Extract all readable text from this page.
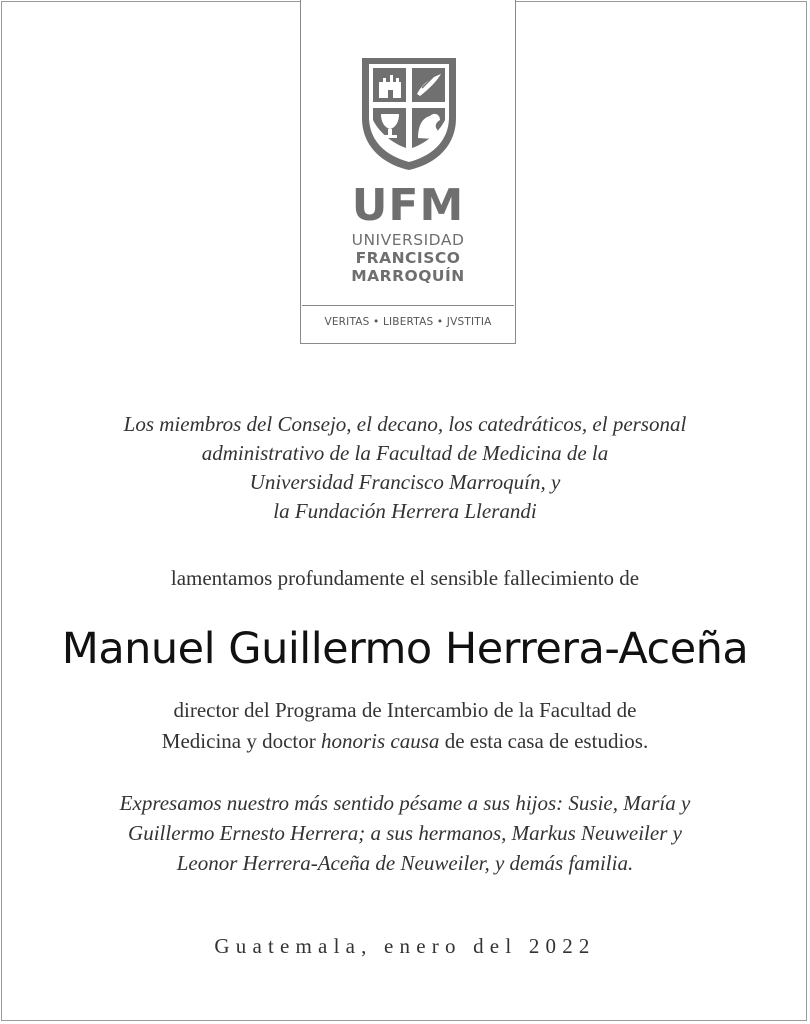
UFM
UNIVERSIDAD
FRANCISCO
MARROQUÍN
VERITAS • LIBERTAS • JVSTITIA
Los miembros del Consejo, el decano, los catedráticos, el personal
administrativo de la Facultad de Medicina de la
Universidad Francisco Marroquín, y
la Fundación Herrera Llerandi
lamentamos profundamente el sensible fallecimiento de
Manuel Guillermo Herrera-Aceña
director del Programa de Intercambio de la Facultad de
Medicina y doctor honoris causa de esta casa de estudios.
Expresamos nuestro más sentido pésame a sus hijos: Susie, María y
Guillermo Ernesto Herrera; a sus hermanos, Markus Neuweiler y
Leonor Herrera-Aceña de Neuweiler, y demás familia.
Guatemala, enero del 2022
